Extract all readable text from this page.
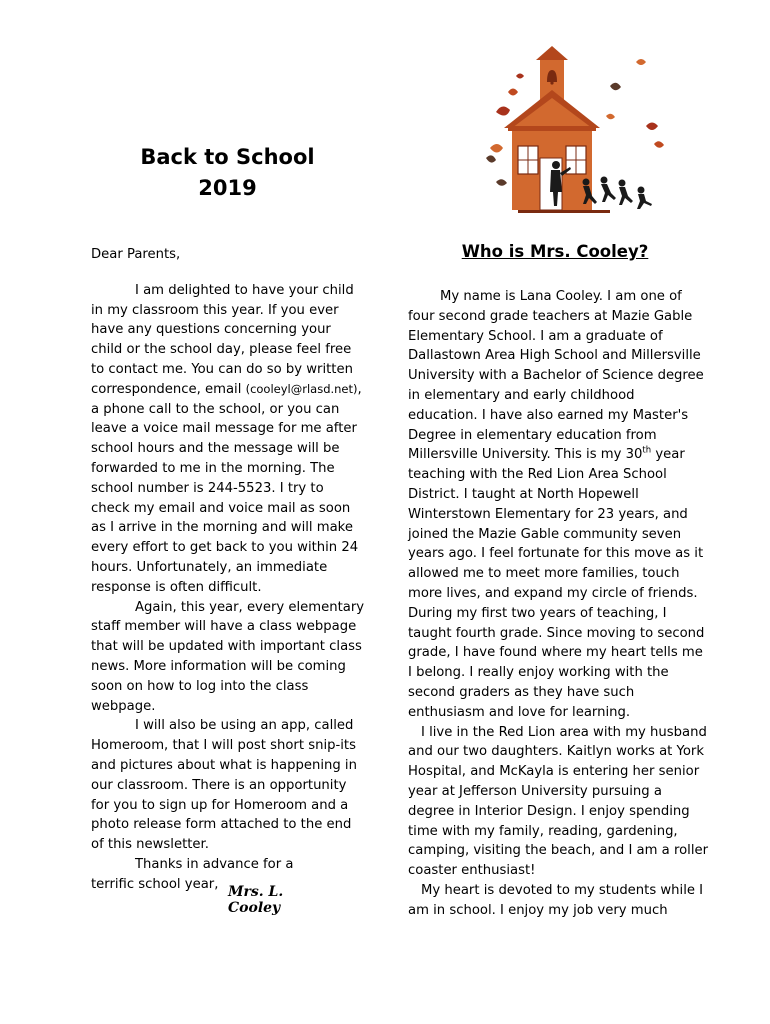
Back to School
2019

Dear Parents,

I am delighted to have your child in my classroom this year. If you ever have any questions concerning your child or the school day, please feel free to contact me. You can do so by written correspondence, email (cooleyl@rlasd.net), a phone call to the school, or you can leave a voice mail message for me after school hours and the message will be forwarded to me in the morning. The school number is 244-5523. I try to check my email and voice mail as soon as I arrive in the morning and will make every effort to get back to you within 24 hours. Unfortunately, an immediate response is often difficult.

Again, this year, every elementary staff member will have a class webpage that will be updated with important class news. More information will be coming soon on how to log into the class webpage.

I will also be using an app, called Homeroom, that I will post short snip-its and pictures about what is happening in our classroom. There is an opportunity for you to sign up for Homeroom and a photo release form attached to the end of this newsletter.

Thanks in advance for a

terrific school year, Mrs. L. Cooley
Who is Mrs. Cooley?

My name is Lana Cooley. I am one of four second grade teachers at Mazie Gable Elementary School. I am a graduate of Dallastown Area High School and Millersville University with a Bachelor of Science degree in elementary and early childhood education. I have also earned my Master's Degree in elementary education from Millersville University. This is my 30th year teaching with the Red Lion Area School District. I taught at North Hopewell Winterstown Elementary for 23 years, and joined the Mazie Gable community seven years ago. I feel fortunate for this move as it allowed me to meet more families, touch more lives, and expand my circle of friends. During my first two years of teaching, I taught fourth grade. Since moving to second grade, I have found where my heart tells me I belong. I really enjoy working with the second graders as they have such enthusiasm and love for learning.

I live in the Red Lion area with my husband and our two daughters. Kaitlyn works at York Hospital, and McKayla is entering her senior year at Jefferson University pursuing a degree in Interior Design. I enjoy spending time with my family, reading, gardening, camping, visiting the beach, and I am a roller coaster enthusiast!

My heart is devoted to my students while I am in school. I enjoy my job very much
